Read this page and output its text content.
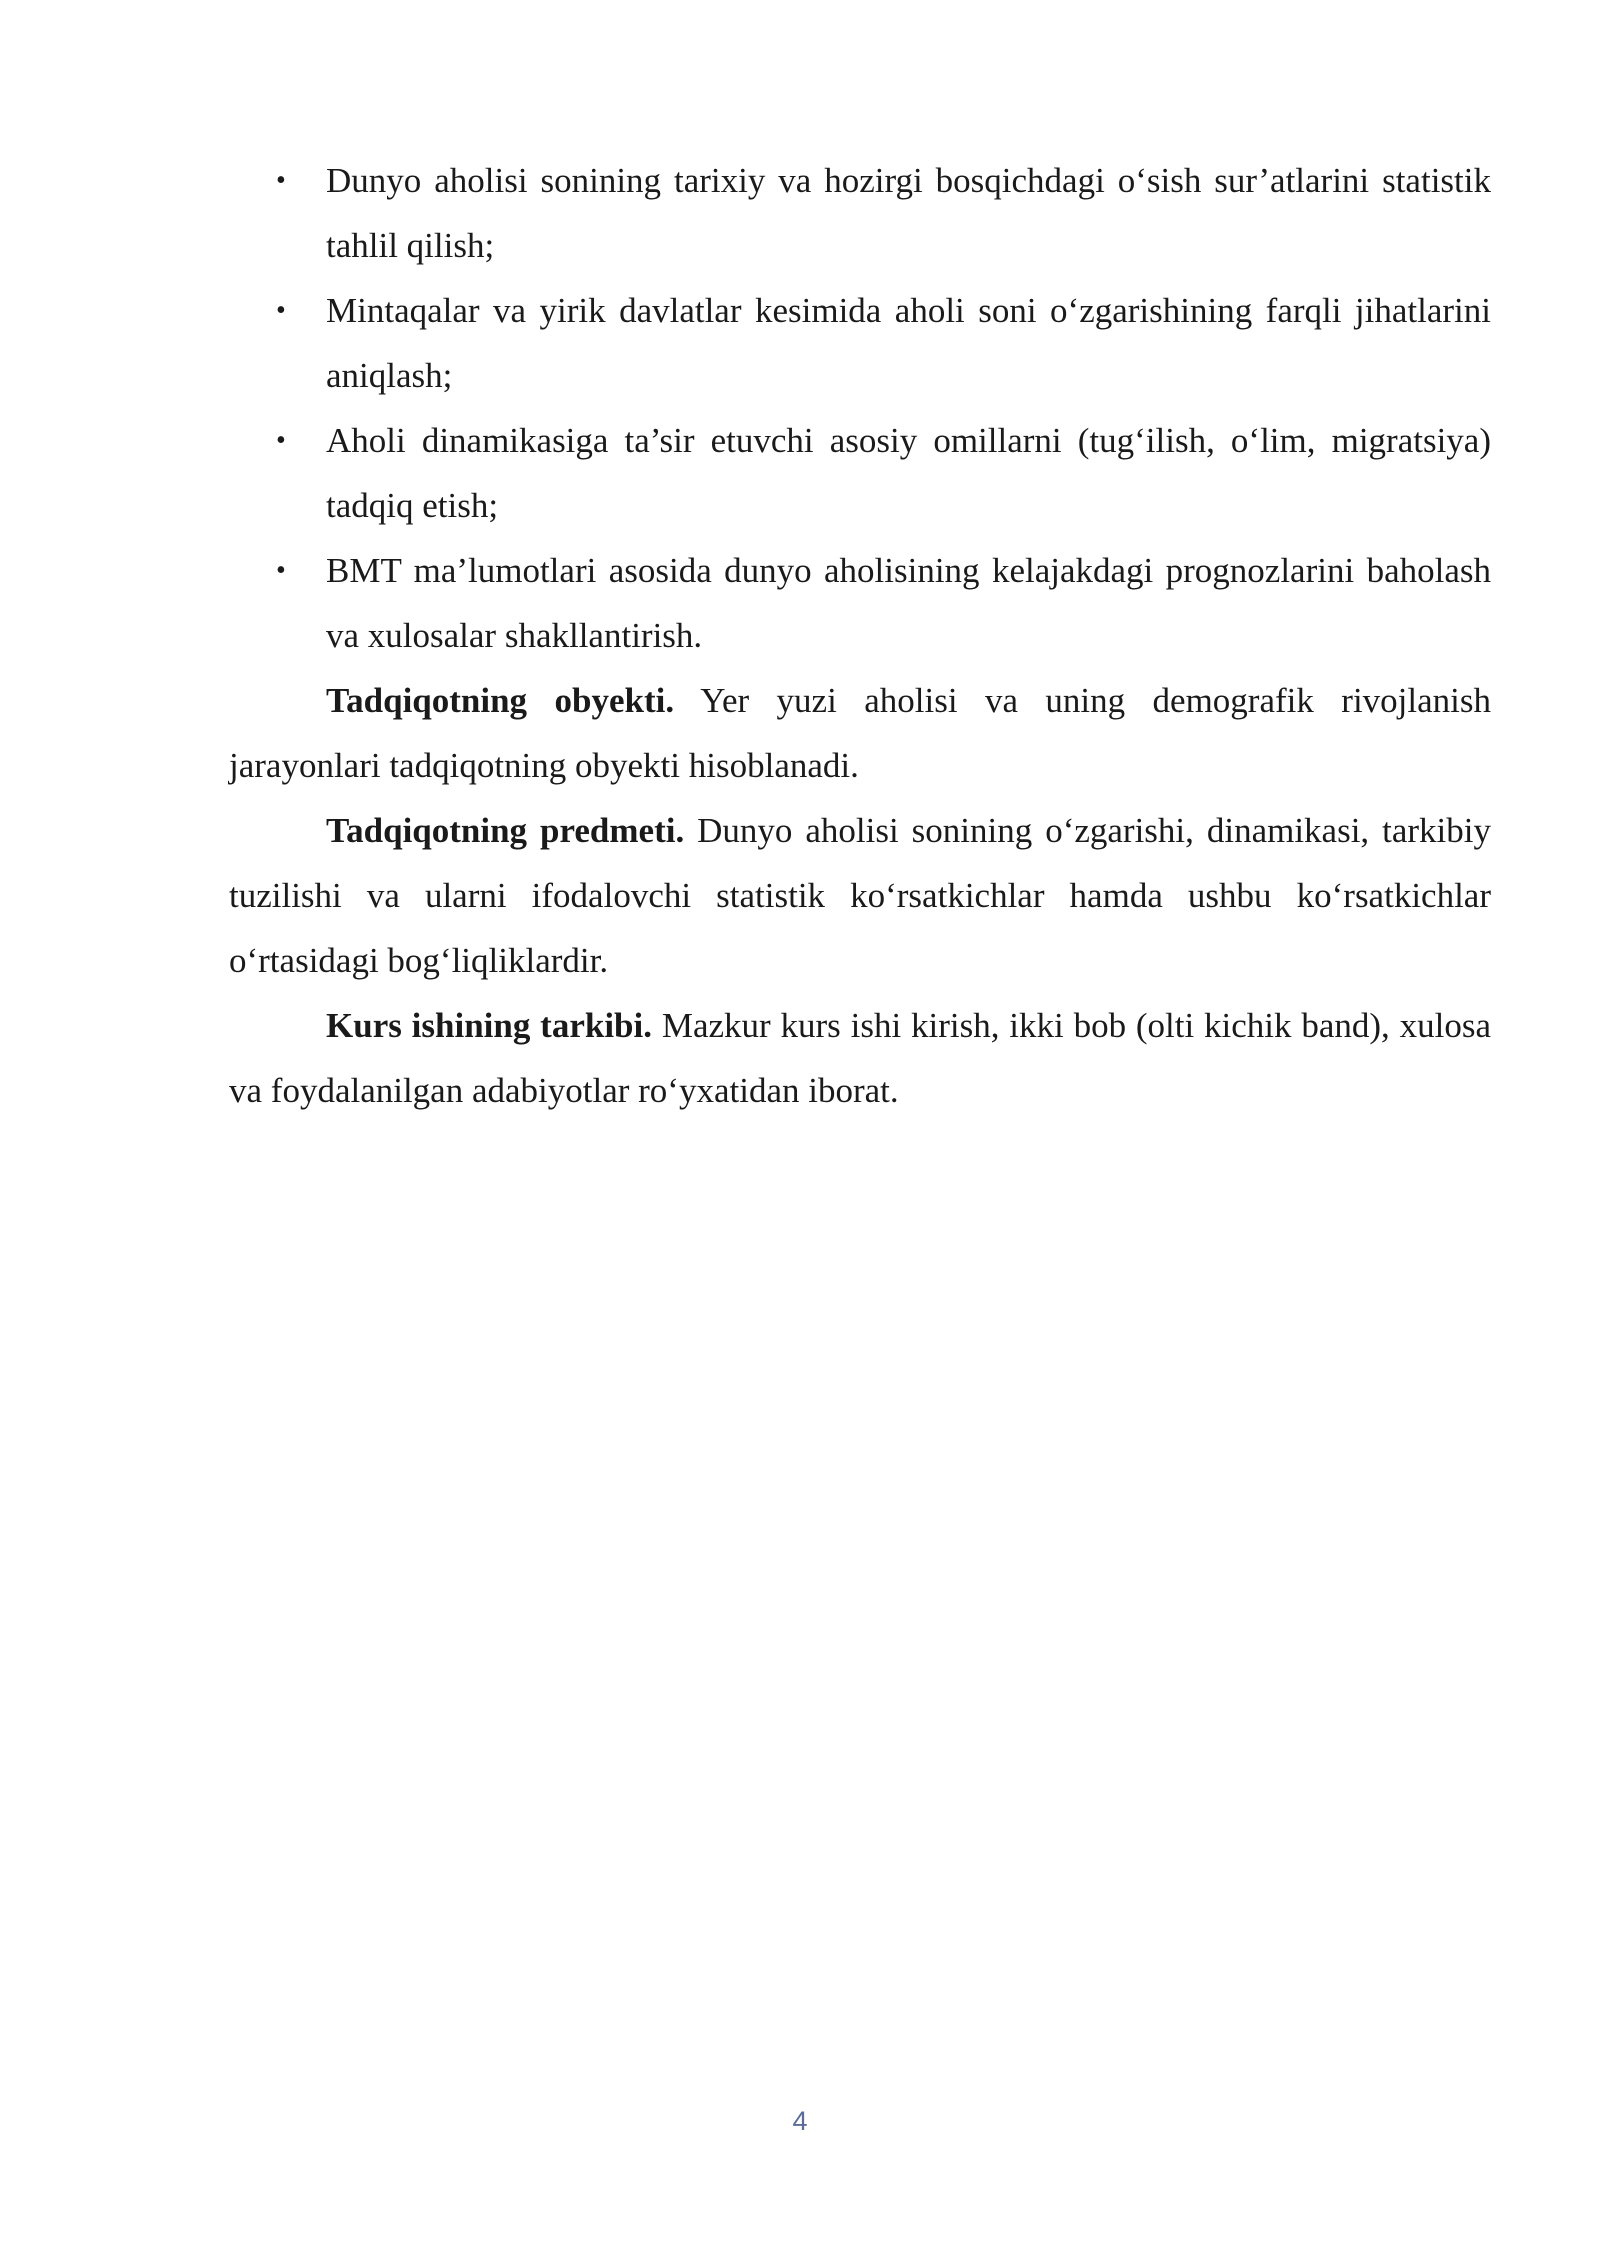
• Dunyo aholisi sonining tarixiy va hozirgi bosqichdagi o‘sish sur’atlarini statistik tahlil qilish;
• Mintaqalar va yirik davlatlar kesimida aholi soni o‘zgarishining farqli jihatlarini aniqlash;
• Aholi dinamikasiga ta’sir etuvchi asosiy omillarni (tug‘ilish, o‘lim, migratsiya) tadqiq etish;
• BMT ma’lumotlari asosida dunyo aholisining kelajakdagi prognozlarini baholash va xulosalar shakllantirish.

Tadqiqotning obyekti. Yer yuzi aholisi va uning demografik rivojlanish jarayonlari tadqiqotning obyekti hisoblanadi.

Tadqiqotning predmeti. Dunyo aholisi sonining o‘zgarishi, dinamikasi, tarkibiy tuzilishi va ularni ifodalovchi statistik ko‘rsatkichlar hamda ushbu ko‘rsatkichlar o‘rtasidagi bog‘liqliklardir.

Kurs ishining tarkibi. Mazkur kurs ishi kirish, ikki bob (olti kichik band), xulosa va foydalanilgan adabiyotlar ro‘yxatidan iborat.

4
